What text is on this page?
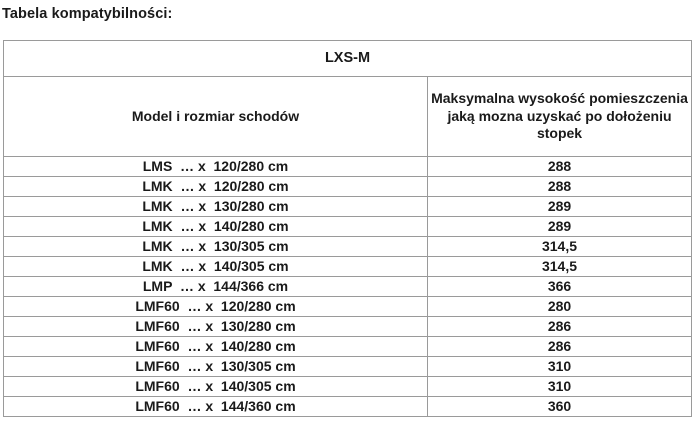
Tabela kompatybilności:
LXS-M	
Model i rozmiar schodów	Maksymalna wysokość pomieszczenia jaką mozna uzyskać po dołożeniu stopek
LMS  … x  120/280 cm	288
LMK  … x  120/280 cm	288
LMK  … x  130/280 cm	289
LMK  … x  140/280 cm	289
LMK  … x  130/305 cm	314,5
LMK  … x  140/305 cm	314,5
LMP  … x  144/366 cm	366
LMF60  … x  120/280 cm	280
LMF60  … x  130/280 cm	286
LMF60  … x  140/280 cm	286
LMF60  … x  130/305 cm	310
LMF60  … x  140/305 cm	310
LMF60  … x  144/360 cm	360
